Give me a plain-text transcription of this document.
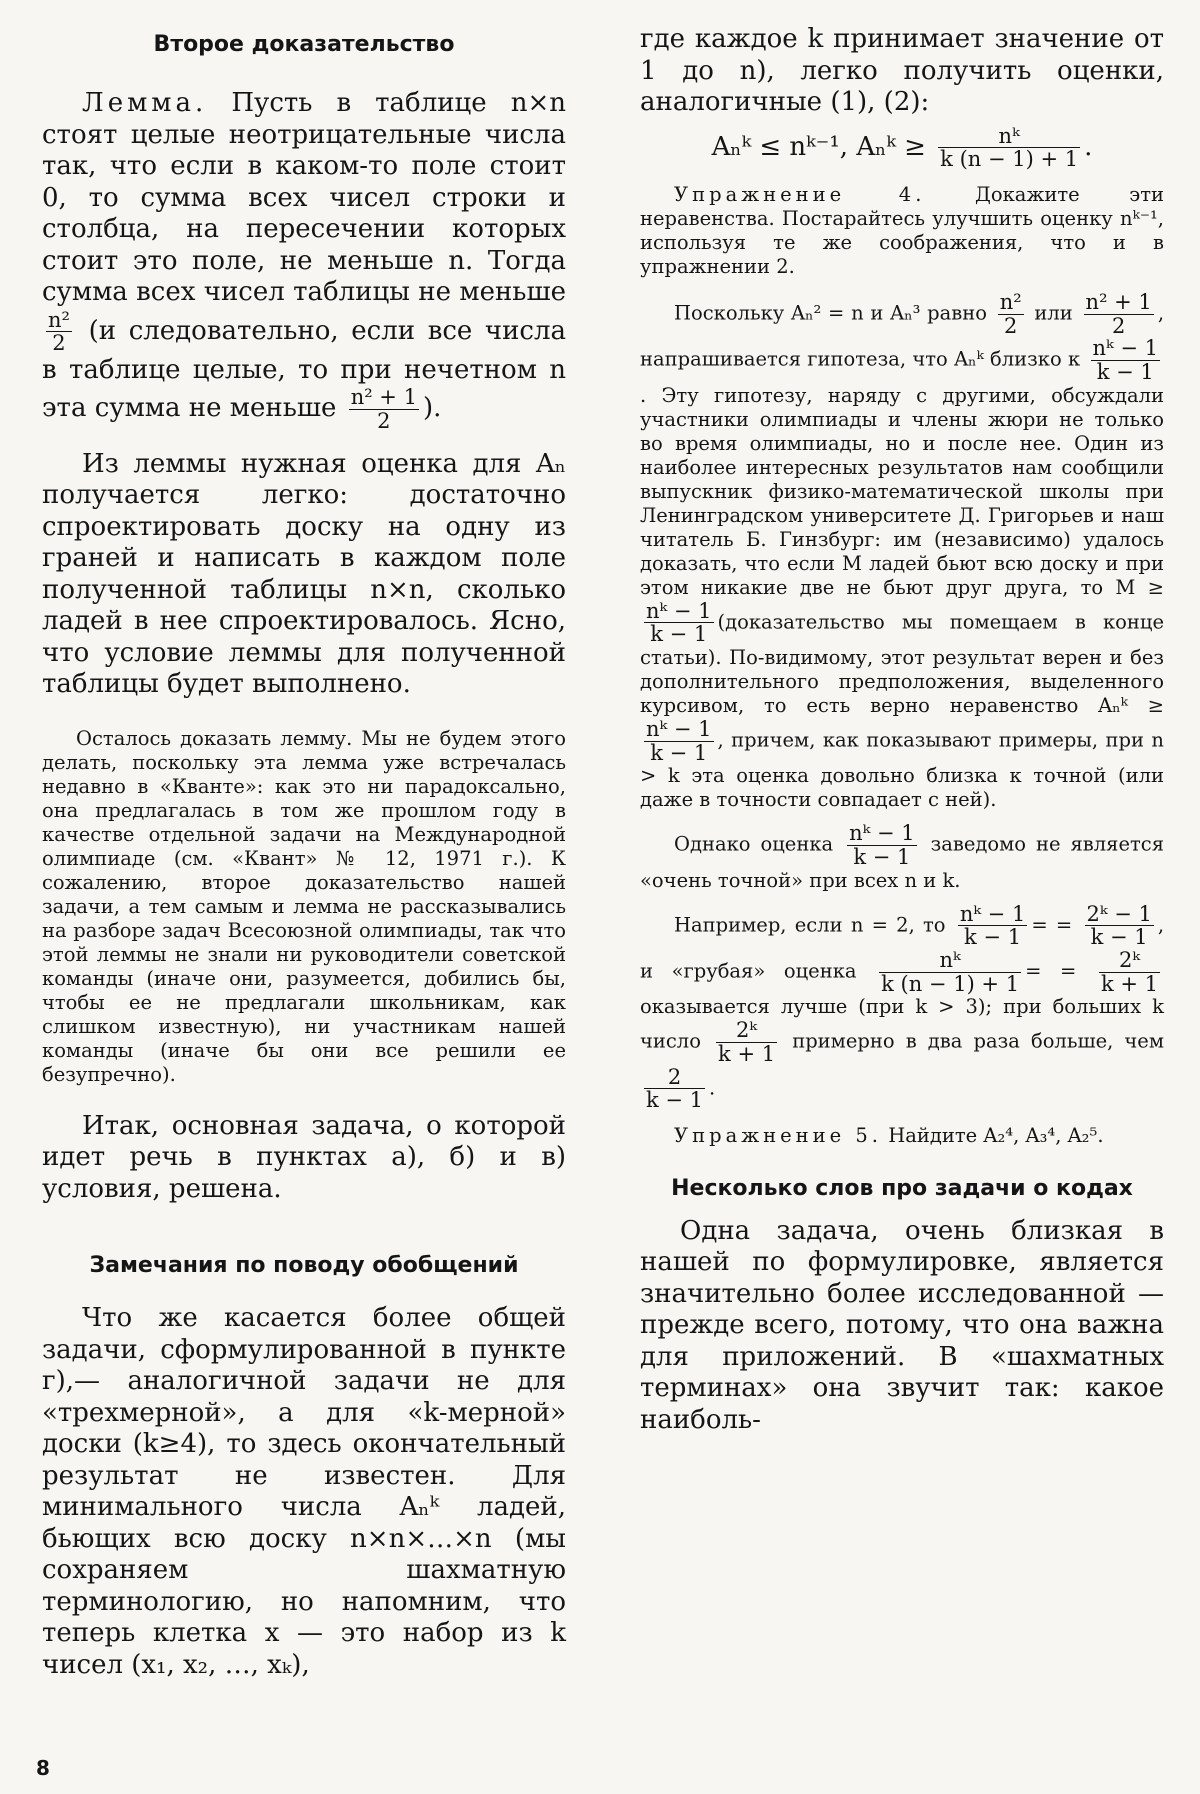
Второе доказательство

Лемма. Пусть в таблице n×n стоят целые неотрицательные числа так, что если в каком-то поле стоит 0, то сумма всех чисел строки и столбца, на пересечении которых стоит это поле, не меньше n. Тогда сумма всех чисел таблицы не меньше
$\frac{\text{n²}}{2} (и$ следовательно, если все числа в таблице целые, то при нечетном n эта сумма не меньше $\frac{\text{n² + 1}}{2}$ ).

Из леммы нужная оценка для Aₙ получается легко: достаточно спроектировать доску на одну из граней и написать в каждом поле полученной таблицы n×n, сколько ладей в нее спроектировалось. Ясно, что условие леммы для полученной таблицы будет выполнено.

Осталось доказать лемму. Мы не будем этого делать, поскольку эта лемма уже встречалась недавно в «Кванте»: как это ни парадоксально, она предлагалась в том же прошлом году в качестве отдельной задачи на Международной олимпиаде (см. «Квант» № 12, 1971 г.). К сожалению, второе доказательство нашей задачи, а тем самым и лемма не рассказывались на разборе задач Всесоюзной олимпиады, так что этой леммы не знали ни руководители советской команды (иначе они, разумеется, добились бы, чтобы ее не предлагали школьникам, как слишком известную), ни участникам нашей команды (иначе бы они все решили ее безупречно).

Итак, основная задача, о которой идет речь в пунктах а), б) и в) условия, решена.

Замечания по поводу обобщений

Что же касается более общей задачи, сформулированной в пункте г),— аналогичной задачи не для «трехмерной», а для «k-мерной» доски (k≥4), то здесь окончательный результат не известен. Для минимального числа Aₙᵏ ладей, бьющих всю доску n×n×…×n (мы сохраняем шахматную терминологию, но напомним, что теперь клетка x — это набор из k чисел (x₁, x₂, …, xₖ),

где каждое k принимает значение от 1 до n), легко получить оценки, аналогичные (1), (2):

Aₙᵏ ≤ nᵏ⁻¹, Aₙᵏ ≥ $\frac{\text{nᵏ}}{k (n - 1) + 1}$ .

Упражнение 4.	Докажите эти неравенства. Постарайтесь улучшить оценку nᵏ⁻¹, используя те же соображения, что и в упражнении 2.

Поскольку Aₙ² = n и Aₙ³ равно $\frac{\text{n²}}{2}$ или $\frac{\text{n² + 1}}{2}$ , напрашивается гипотеза, что Aₙᵏ близко к $\frac{\text{nᵏ − 1}}{k - 1}$
. Эту гипотезу, наряду с другими, обсуждали участники олимпиады и члены жюри не только во время олимпиады, но и после нее. Один из наиболее интересных результатов нам сообщили выпускник физико-математической школы при Ленинградском университете Д. Григорьев и наш читатель Б. Гинзбург: им (независимо) удалось доказать, что если M ладей бьют всю доску и при этом никакие две не бьют друг друга, то M ≥
$\frac{\text{nᵏ − 1}}{k - 1}$ (доказательство мы помещаем в конце статьи). По-видимому, этот результат верен и без дополнительного предположения, выделенного курсивом, то есть верно неравенство Aₙᵏ ≥
$\frac{\text{nᵏ − 1}}{k - 1}$ , причем, как показывают примеры, при n > k эта оценка довольно близка к точной (или даже в точности совпадает с ней).

Однако оценка $\frac{\text{nᵏ − 1}}{k - 1}$ заведомо не является «очень точной» при всех n и k.

Например, если n = 2, то $\frac{\text{nᵏ − 1}}{k - 1}$ = = $\frac{\text{2ᵏ − 1}}{k - 1}$ , и «грубая» оценка $\frac{\text{nᵏ}}{k (n - 1) + 1}$ = = $\frac{\text{2ᵏ}}{k + 1}$
оказывается лучше (при k > 3); при больших k число $\frac{\text{2ᵏ}}{k + 1}$ примерно в два раза больше, чем
$\frac{2}{k - 1}$ .

Упражнение 5. Найдите A₂⁴, A₃⁴, A₂⁵.

Несколько слов про задачи о кодах

Одна задача, очень близкая в нашей по формулировке, является значительно более исследованной — прежде всего, потому, что она важна для приложений. В «шахматных терминах» она звучит так: какое наиболь-

8
